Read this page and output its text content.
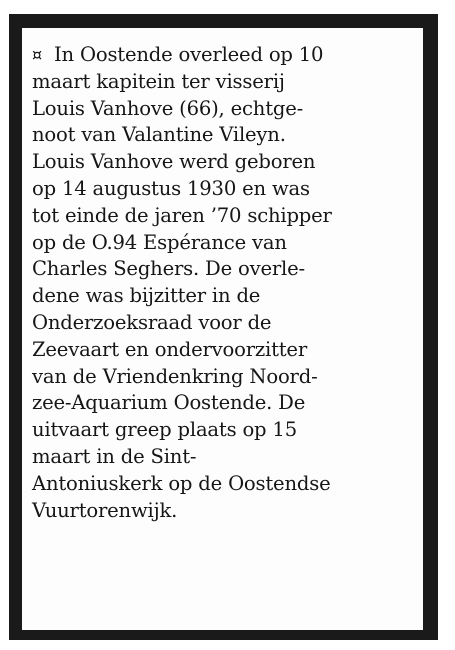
¤ In Oostende overleed op 10
maart kapitein ter visserij
Louis Vanhove (66), echtge-
noot van Valantine Vileyn.
Louis Vanhove werd geboren
op 14 augustus 1930 en was
tot einde de jaren ’70 schipper
op de O.94 Espérance van
Charles Seghers. De overle-
dene was bijzitter in de
Onderzoeksraad voor de
Zeevaart en ondervoorzitter
van de Vriendenkring Noord-
zee-Aquarium Oostende. De
uitvaart greep plaats op 15
maart in de Sint-
Antoniuskerk op de Oostendse
Vuurtorenwijk.
